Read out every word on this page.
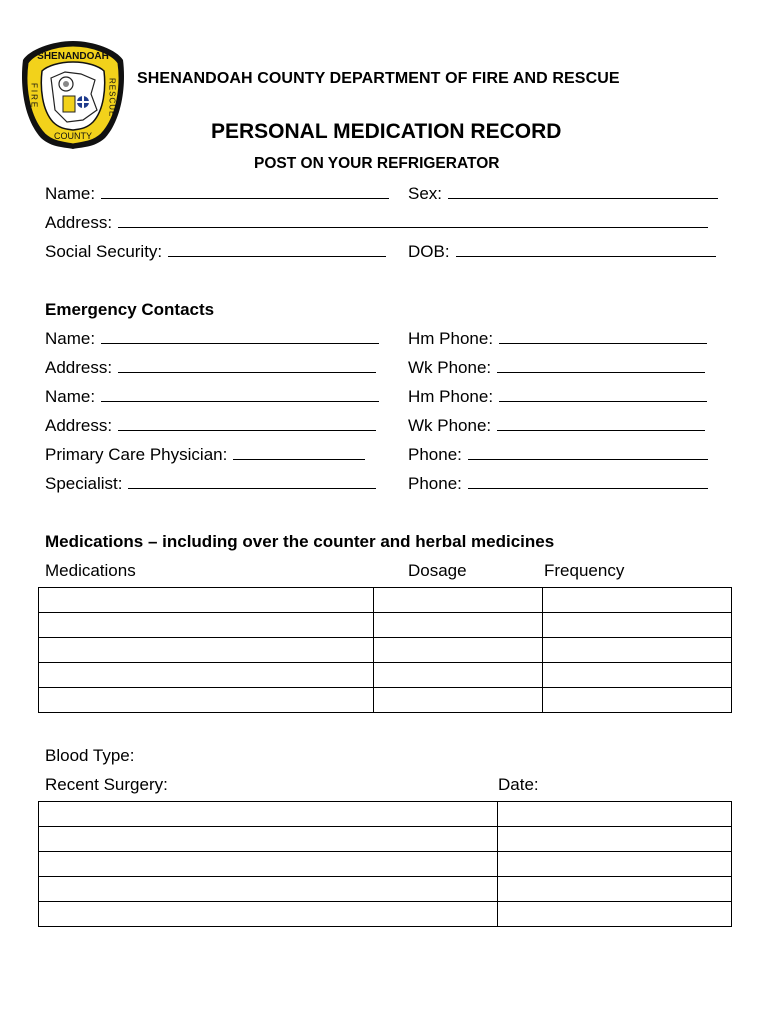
SHENANDOAH
COUNTY
FIRE	RESCUE SHENANDOAH COUNTY DEPARTMENT OF FIRE AND RESCUE
PERSONAL MEDICATION RECORD
POST ON YOUR REFRIGERATOR
Name:	Sex:
Address:
Social Security:	DOB:
Emergency Contacts
Name:	Hm Phone:
Address:	Wk Phone:
Name:	Hm Phone:
Address:	Wk Phone:
Primary Care Physician:	Phone:
Specialist:	Phone:
Medications – including over the counter and herbal medicines
Medications	Dosage	Frequency

Blood Type:
Recent Surgery:	Date:
